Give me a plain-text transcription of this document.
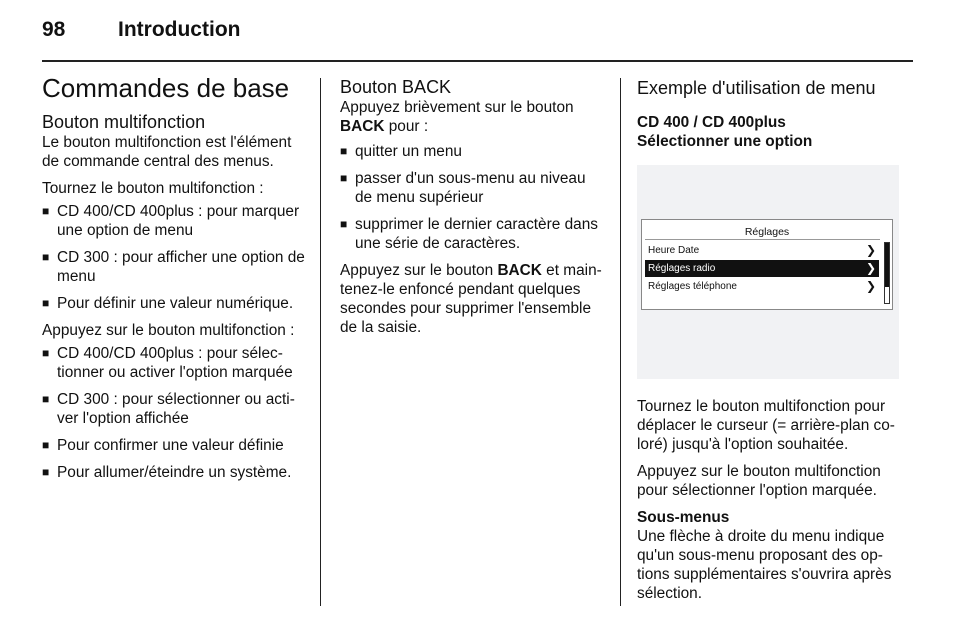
98	Introduction
Commandes de base
Bouton multifonction

Le bouton multifonction est l'élément de commande central des menus.

Tournez le bouton multifonction :

■ CD 400/CD 400plus : pour marquer une option de menu
■ CD 300 : pour afficher une option de menu
■ Pour définir une valeur numérique.

Appuyez sur le bouton multifonction :

■ CD 400/CD 400plus : pour sélec‐tionner ou activer l'option marquée
■ CD 300 : pour sélectionner ou acti‐ver l'option affichée
■ Pour confirmer une valeur définie
■ Pour allumer/éteindre un système.
Bouton BACK

Appuyez brièvement sur le bouton BACK pour :

■ quitter un menu
■ passer d'un sous-menu au niveau de menu supérieur
■ supprimer le dernier caractère dans une série de caractères.

Appuyez sur le bouton BACK et main‐tenez-le enfoncé pendant quelques secondes pour supprimer l'ensemble de la saisie.

Exemple d'utilisation de menu
CD 400 / CD 400plus
Sélectionner une option
Réglages
Heure Date	❯
Réglages radio	❯
Réglages téléphone	❯

Tournez le bouton multifonction pour déplacer le curseur (= arrière-plan co‐loré) jusqu'à l'option souhaitée.

Appuyez sur le bouton multifonction pour sélectionner l'option marquée.

Sous-menus

Une flèche à droite du menu indique qu'un sous-menu proposant des op‐tions supplémentaires s'ouvrira après sélection.
